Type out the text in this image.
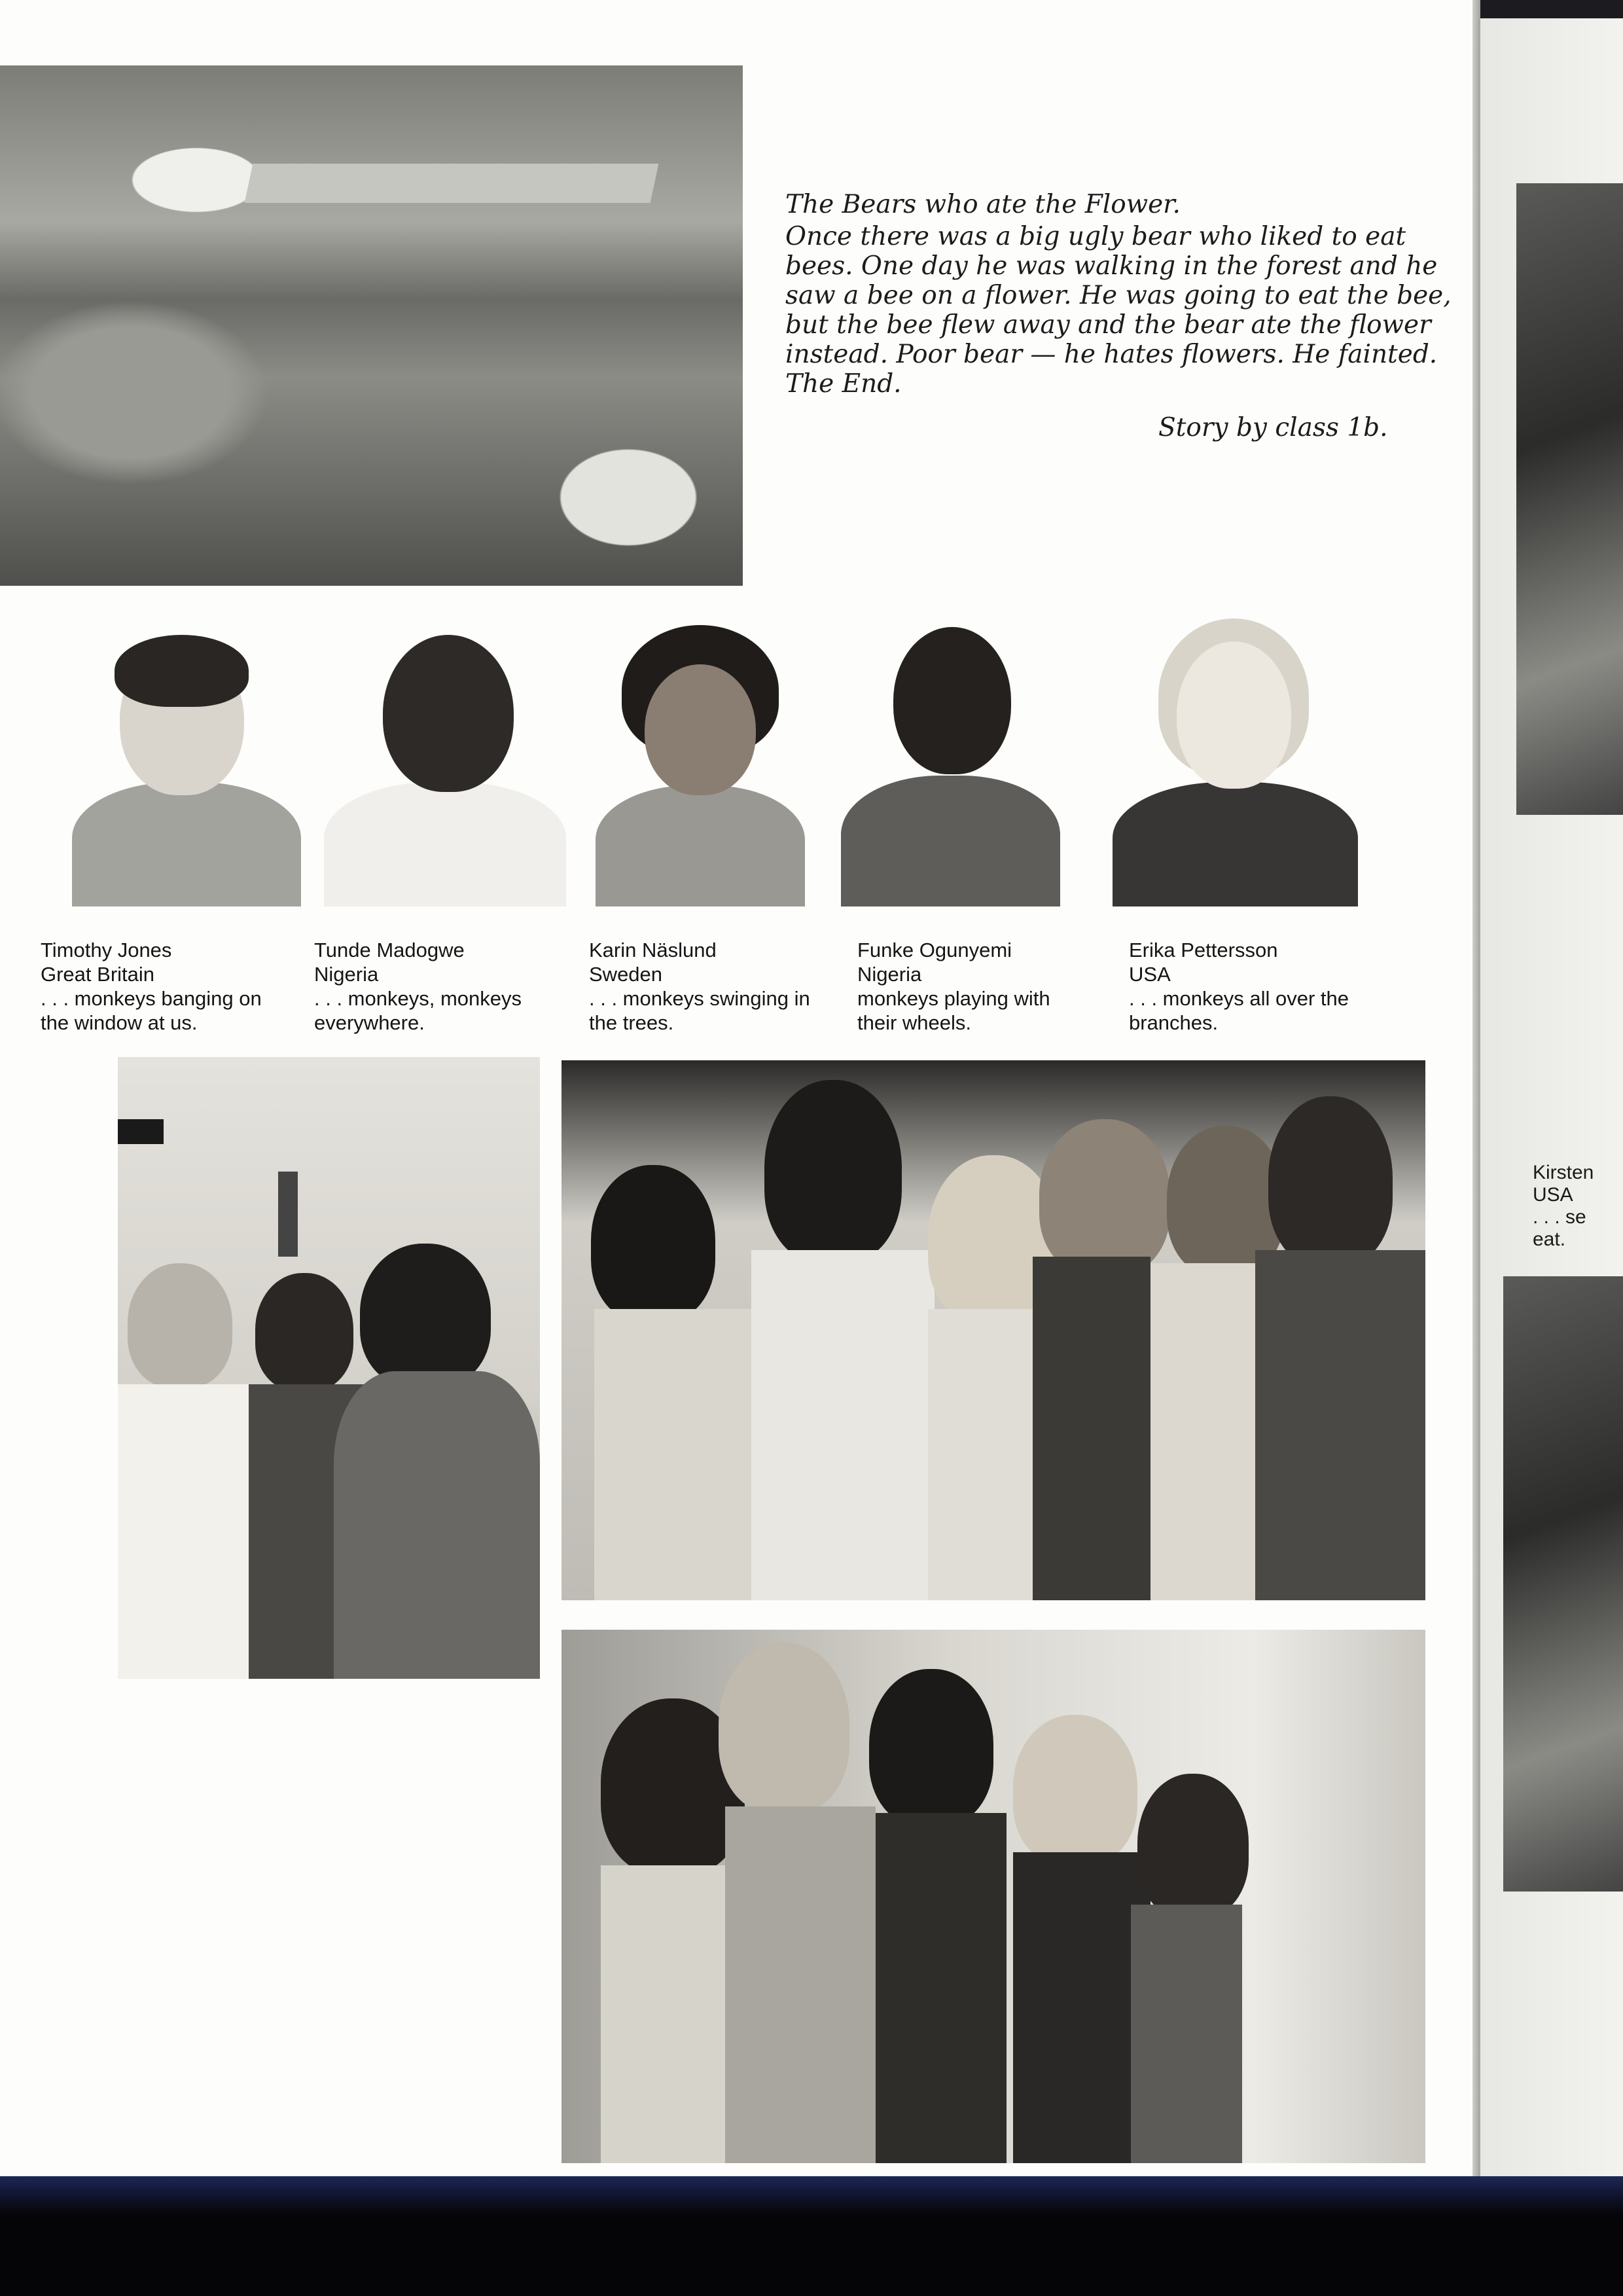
The Bears who ate the Flower.
Once there was a big ugly bear who liked to eat bees. One day he was walking in the forest and he saw a bee on a flower. He was going to eat the bee, but the bee flew away and the bear ate the flower instead. Poor bear — he hates flowers. He fainted. The End.
Story by class 1b.
Timothy Jones
Great Britain
. . . monkeys banging on
the window at us.
Tunde Madogwe
Nigeria
. . . monkeys, monkeys
everywhere.
Karin Näslund
Sweden
. . . monkeys swinging in
the trees.
Funke Ogunyemi
Nigeria
monkeys playing with
their wheels.
Erika Pettersson
USA
. . . monkeys all over the
branches.
Kirsten
USA
. . . se
eat.
